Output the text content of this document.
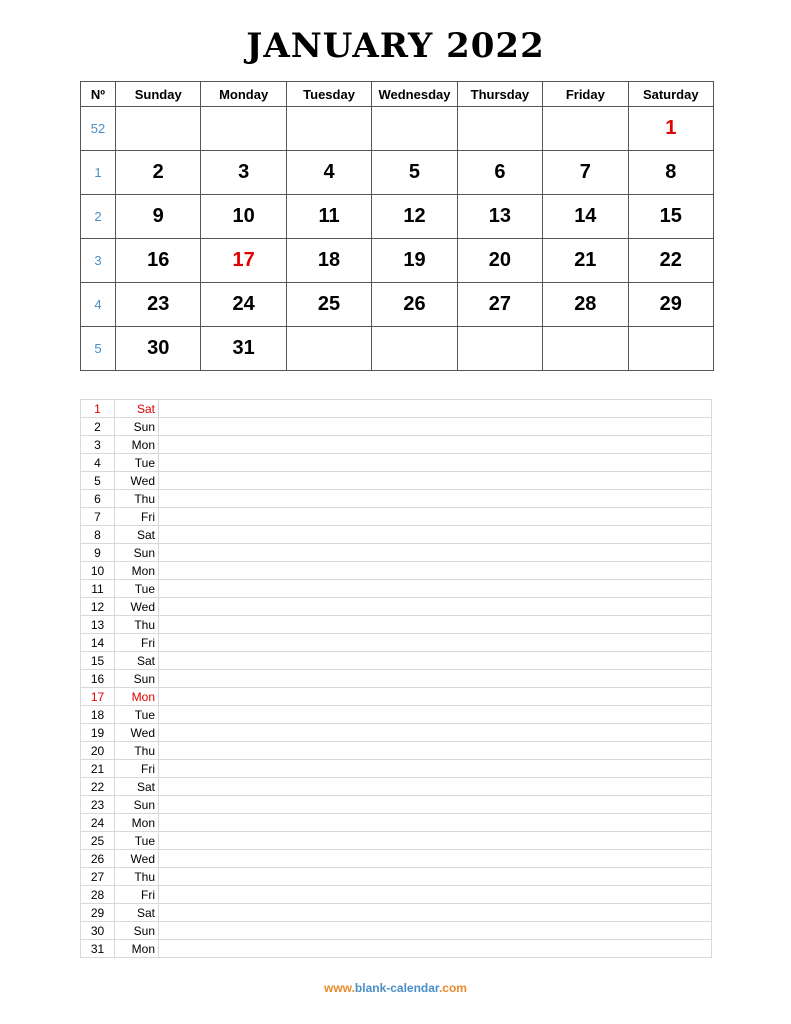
JANUARY 2022
Nº	Sunday	Monday	Tuesday	Wednesday	Thursday	Friday	Saturday
52							1
1	2	3	4	5	6	7	8
2	9	10	11	12	13	14	15
3	16	17	18	19	20	21	22
4	23	24	25	26	27	28	29
5	30	31					
1	Sat	
2	Sun	
3	Mon	
4	Tue	
5	Wed	
6	Thu	
7	Fri	
8	Sat	
9	Sun	
10	Mon	
11	Tue	
12	Wed	
13	Thu	
14	Fri	
15	Sat	
16	Sun	
17	Mon	
18	Tue	
19	Wed	
20	Thu	
21	Fri	
22	Sat	
23	Sun	
24	Mon	
25	Tue	
26	Wed	
27	Thu	
28	Fri	
29	Sat	
30	Sun	
31	Mon	
www.blank-calendar.com
